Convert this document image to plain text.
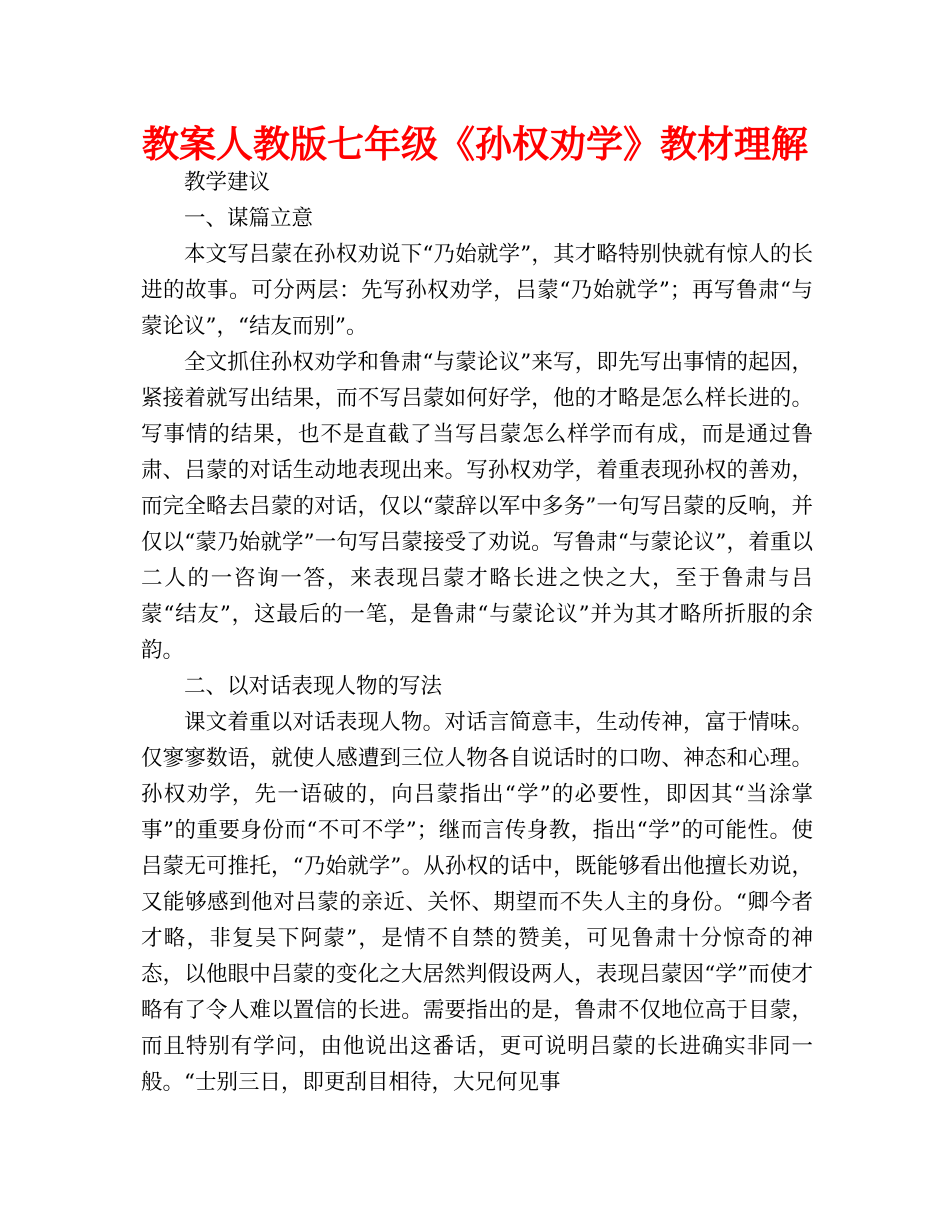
教案人教版七年级《孙权劝学》教材理解

教学建议

一、谋篇立意

本文写吕蒙在孙权劝说下“乃始就学”，其才略特别快就有惊人的长进的故事。可分两层：先写孙权劝学，吕蒙“乃始就学”；再写鲁肃“与蒙论议”，“结友而别”。

全文抓住孙权劝学和鲁肃“与蒙论议”来写，即先写出事情的起因，紧接着就写出结果，而不写吕蒙如何好学，他的才略是怎么样长进的。写事情的结果，也不是直截了当写吕蒙怎么样学而有成，而是通过鲁肃、吕蒙的对话生动地表现出来。写孙权劝学，着重表现孙权的善劝，而完全略去吕蒙的对话，仅以“蒙辞以军中多务”一句写吕蒙的反响，并仅以“蒙乃始就学”一句写吕蒙接受了劝说。写鲁肃“与蒙论议”，着重以二人的一咨询一答，来表现吕蒙才略长进之快之大，至于鲁肃与吕蒙“结友”，这最后的一笔，是鲁肃“与蒙论议”并为其才略所折服的余韵。

二、以对话表现人物的写法

课文着重以对话表现人物。对话言简意丰，生动传神，富于情味。仅寥寥数语，就使人感遭到三位人物各自说话时的口吻、神态和心理。孙权劝学，先一语破的，向吕蒙指出“学”的必要性，即因其“当涂掌事”的重要身份而“不可不学”；继而言传身教，指出“学”的可能性。使吕蒙无可推托，“乃始就学”。从孙权的话中，既能够看出他擅长劝说，又能够感到他对吕蒙的亲近、关怀、期望而不失人主的身份。“卿今者才略，非复吴下阿蒙”，是情不自禁的赞美，可见鲁肃十分惊奇的神态，以他眼中吕蒙的变化之大居然判假设两人，表现吕蒙因“学”而使才略有了令人难以置信的长进。需要指出的是，鲁肃不仅地位高于目蒙，而且特别有学问，由他说出这番话，更可说明吕蒙的长进确实非同一般。“士别三日，即更刮目相待，大兄何见事
